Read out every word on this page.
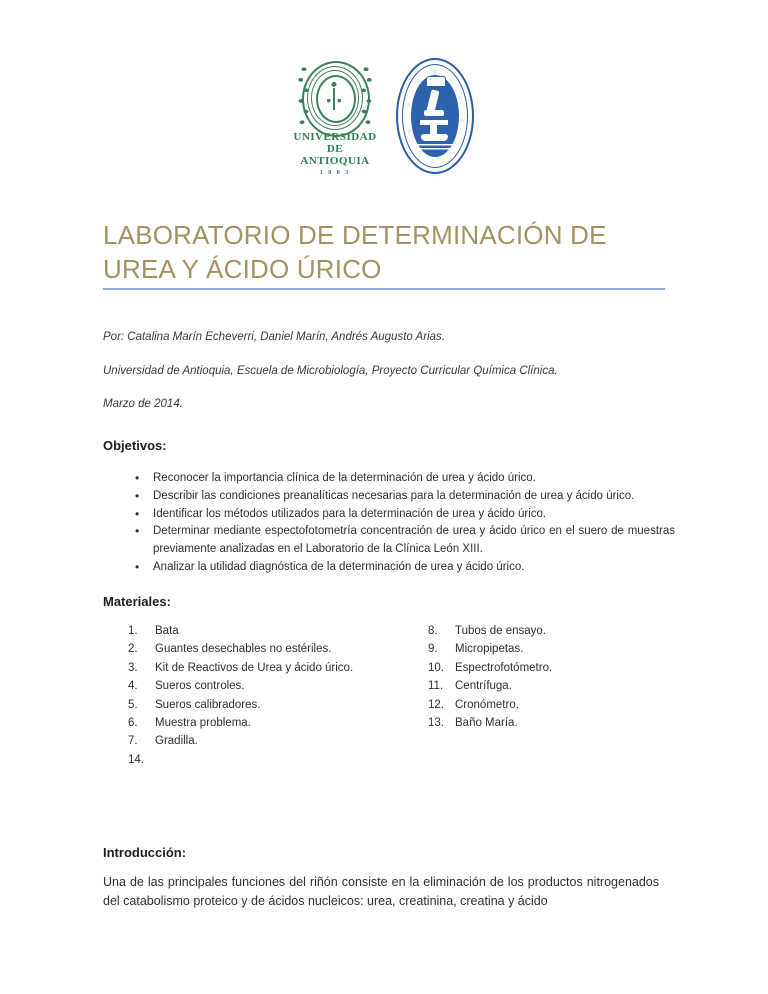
UNIVERSIDAD
DE ANTIOQUIA
1 8 0 3
LABORATORIO DE DETERMINACIÓN DE UREA Y ÁCIDO ÚRICO

Por: Catalina Marín Echeverri, Daniel Marín, Andrés Augusto Arias.

Universidad de Antioquia, Escuela de Microbiología, Proyecto Curricular Química Clínica.

Marzo de 2014.

Objetivos:
• Reconocer la importancia clínica de la determinación de urea y ácido úrico.
• Describir las condiciones preanalíticas necesarias para la determinación de urea y ácido úrico.
• Identificar los métodos utilizados para la determinación de urea y ácido úrico.
• Determinar mediante espectofotometría concentración de urea y ácido úrico en el suero de muestras previamente analizadas en el Laboratorio de la Clínica León XIII.
• Analizar la utilidad diagnóstica de la determinación de urea y ácido úrico.
Materiales:
1.	Bata
2.	Guantes desechables no estériles.
3.	Kit de Reactivos de Urea y ácido úrico.
4.	Sueros controles.
5.	Sueros calibradores.
6.	Muestra problema.
7.	Gradilla.
14.
8.	Tubos de ensayo.
9.	Micropipetas.
10. Espectrofotómetro.
11.	Centrífuga.
12. Cronómetro.
13. Baño María.
Introducción:

Una de las principales funciones del riñón consiste en la eliminación de los productos nitrogenados del catabolismo proteico y de ácidos nucleicos: urea, creatinina, creatina y ácido
